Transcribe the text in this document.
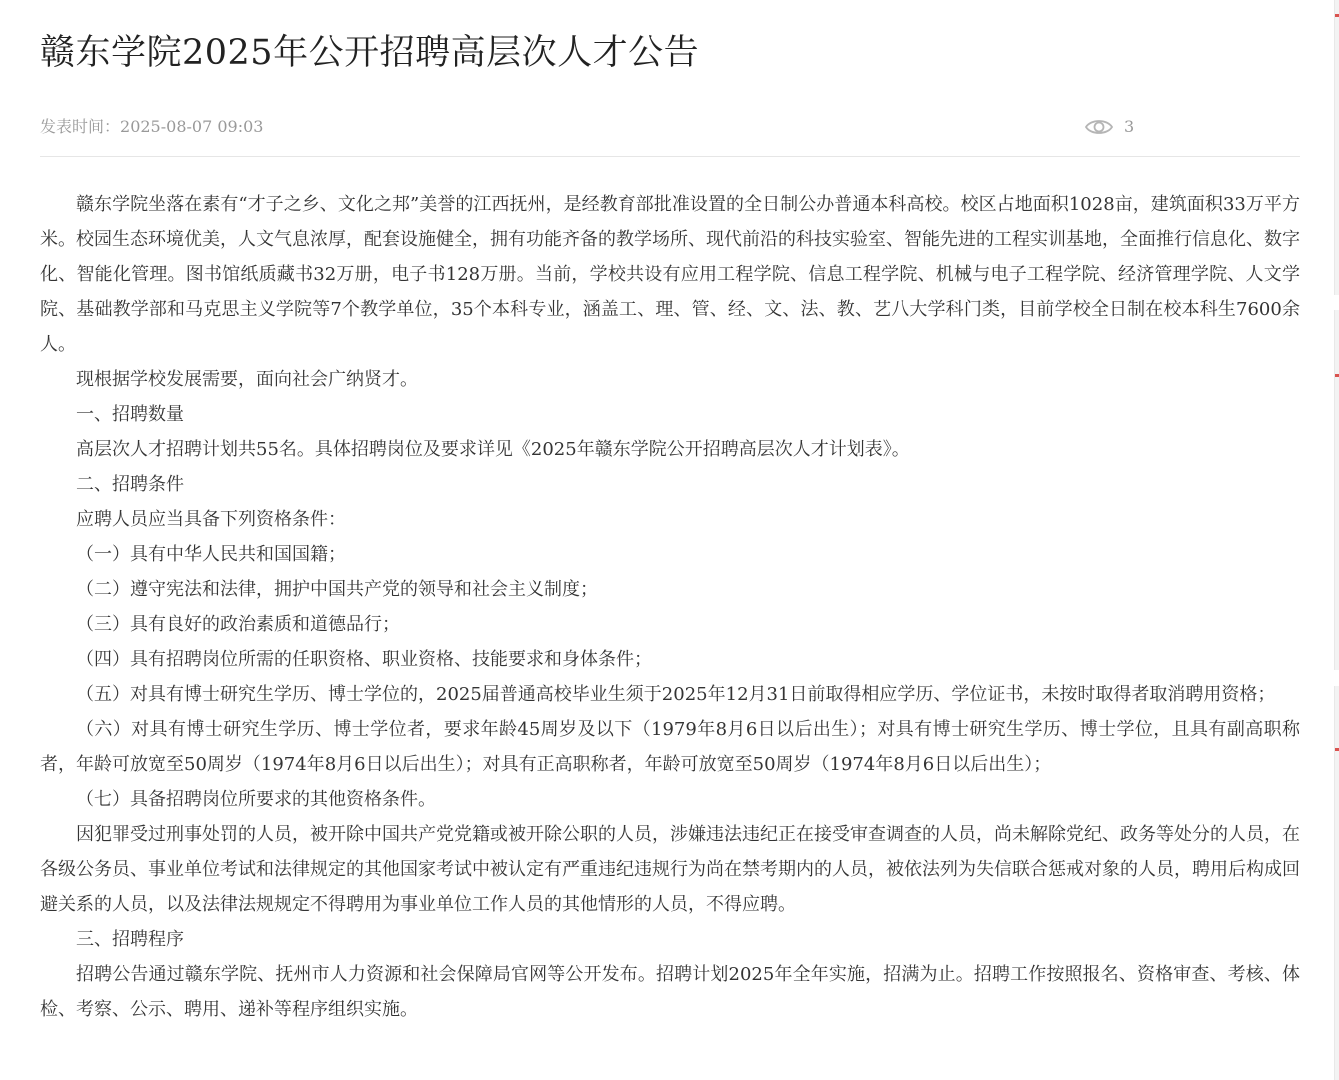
赣东学院2025年公开招聘高层次人才公告
发表时间：2025-08-07 09:03	3

赣东学院坐落在素有“才子之乡、文化之邦”美誉的江西抚州，是经教育部批准设置的全日制公办普通本科高校。校区占地面积1028亩，建筑面积33万平方米。校园生态环境优美，人文气息浓厚，配套设施健全，拥有功能齐备的教学场所、现代前沿的科技实验室、智能先进的工程实训基地，全面推行信息化、数字化、智能化管理。图书馆纸质藏书32万册，电子书128万册。当前，学校共设有应用工程学院、信息工程学院、机械与电子工程学院、经济管理学院、人文学院、基础教学部和马克思主义学院等7个教学单位，35个本科专业，涵盖工、理、管、经、文、法、教、艺八大学科门类，目前学校全日制在校本科生7600余人。

现根据学校发展需要，面向社会广纳贤才。

一、招聘数量

高层次人才招聘计划共55名。具体招聘岗位及要求详见《2025年赣东学院公开招聘高层次人才计划表》。

二、招聘条件

应聘人员应当具备下列资格条件：

（一）具有中华人民共和国国籍；

（二）遵守宪法和法律，拥护中国共产党的领导和社会主义制度；

（三）具有良好的政治素质和道德品行；

（四）具有招聘岗位所需的任职资格、职业资格、技能要求和身体条件；

（五）对具有博士研究生学历、博士学位的，2025届普通高校毕业生须于2025年12月31日前取得相应学历、学位证书，未按时取得者取消聘用资格；

（六）对具有博士研究生学历、博士学位者，要求年龄45周岁及以下（1979年8月6日以后出生）；对具有博士研究生学历、博士学位，且具有副高职称者，年龄可放宽至50周岁（1974年8月6日以后出生）；对具有正高职称者，年龄可放宽至50周岁（1974年8月6日以后出生）；

（七）具备招聘岗位所要求的其他资格条件。

因犯罪受过刑事处罚的人员，被开除中国共产党党籍或被开除公职的人员，涉嫌违法违纪正在接受审查调查的人员，尚未解除党纪、政务等处分的人员，在各级公务员、事业单位考试和法律规定的其他国家考试中被认定有严重违纪违规行为尚在禁考期内的人员，被依法列为失信联合惩戒对象的人员，聘用后构成回避关系的人员，以及法律法规规定不得聘用为事业单位工作人员的其他情形的人员，不得应聘。

三、招聘程序

招聘公告通过赣东学院、抚州市人力资源和社会保障局官网等公开发布。招聘计划2025年全年实施，招满为止。招聘工作按照报名、资格审查、考核、体检、考察、公示、聘用、递补等程序组织实施。
